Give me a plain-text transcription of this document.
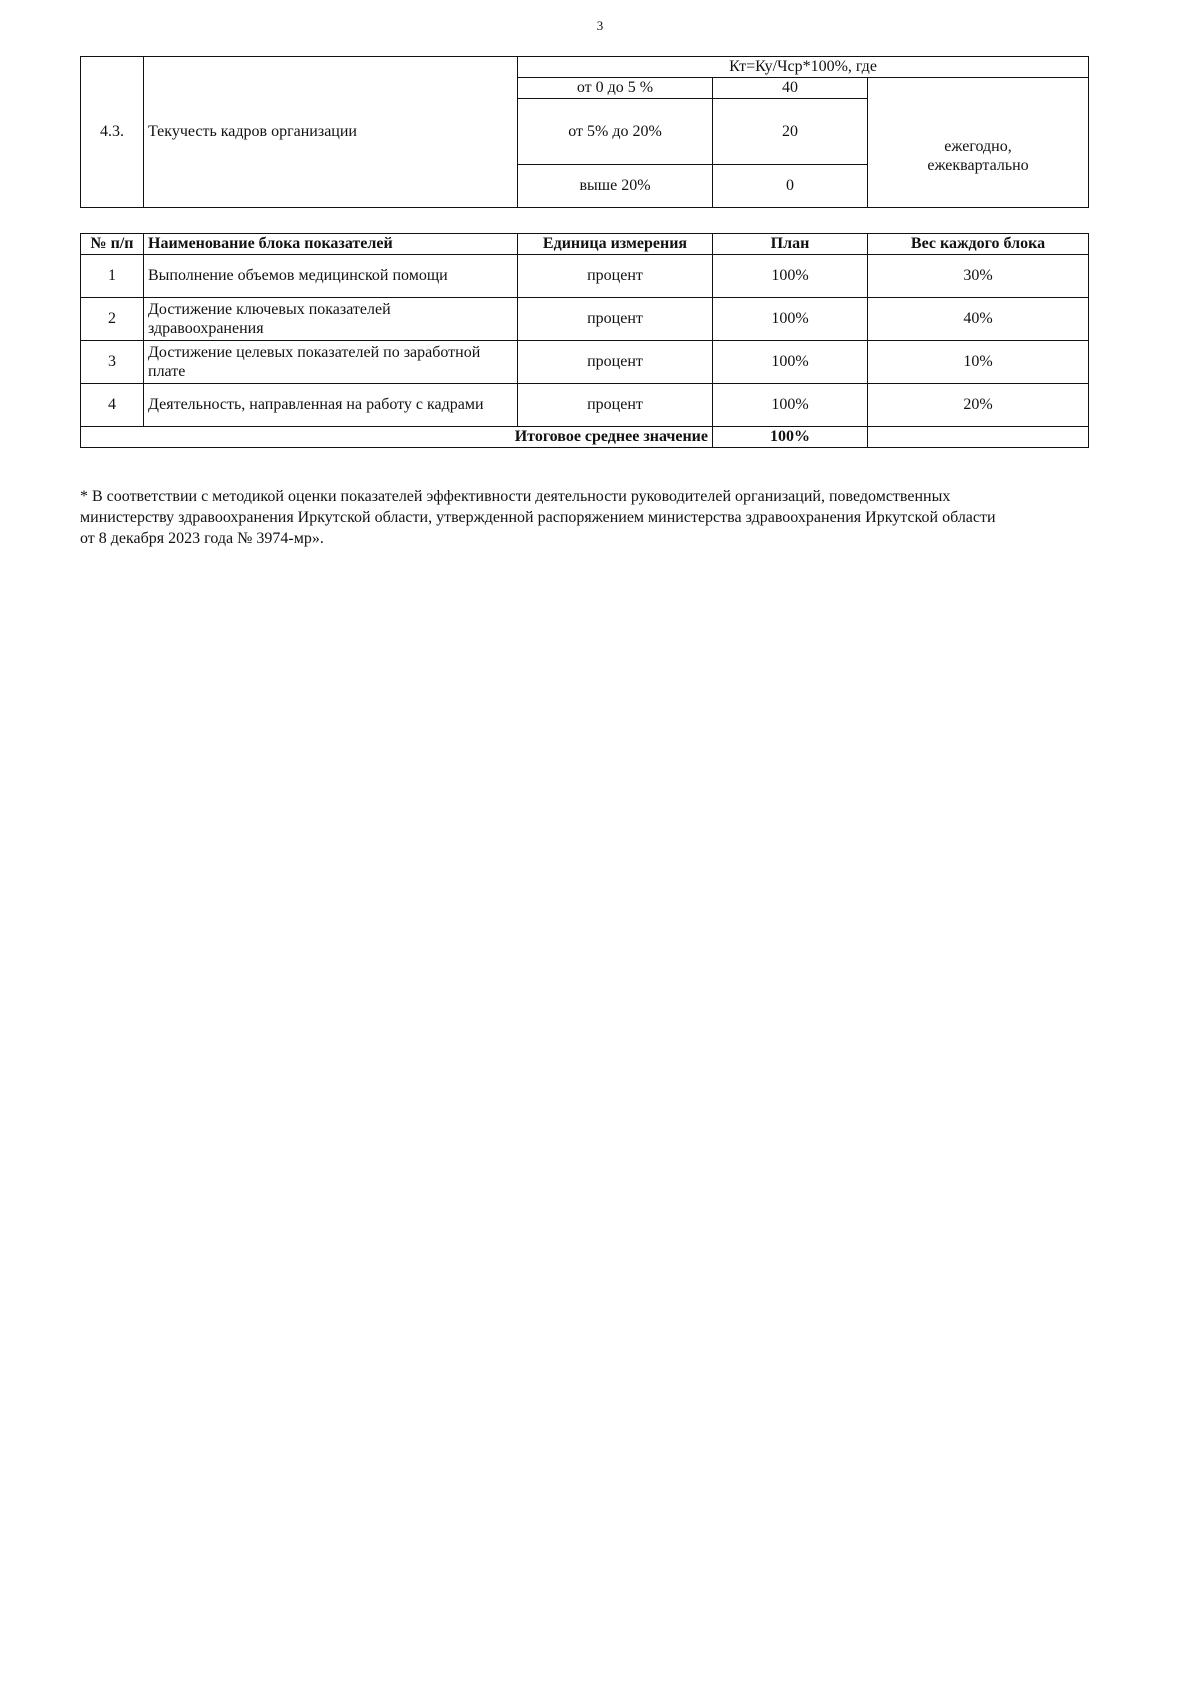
3
4.3.	Текучесть кадров организации	Кт=Ку/Чср*100%, где		
		от 0 до 5 %	40	ежегодно,
ежеквартально

		от 5% до 20%	20	
		выше 20%	0	
№ п/п	Наименование блока показателей	Единица измерения	План	Вес каждого блока
1	Выполнение объемов медицинской помощи	процент	100%	30%
2	Достижение ключевых показателей
здравоохранения	процент	100%	40%
3	Достижение целевых показателей по заработной
плате	процент	100%	10%
4	Деятельность, направленная на работу с кадрами	процент	100%	20%
Итоговое среднее значение			100%	
* В соответствии с методикой оценки показателей эффективности деятельности руководителей организаций, поведомственных
министерству здравоохранения Иркутской области, утвержденной распоряжением министерства здравоохранения Иркутской области
от 8 декабря 2023 года № 3974-мр».
